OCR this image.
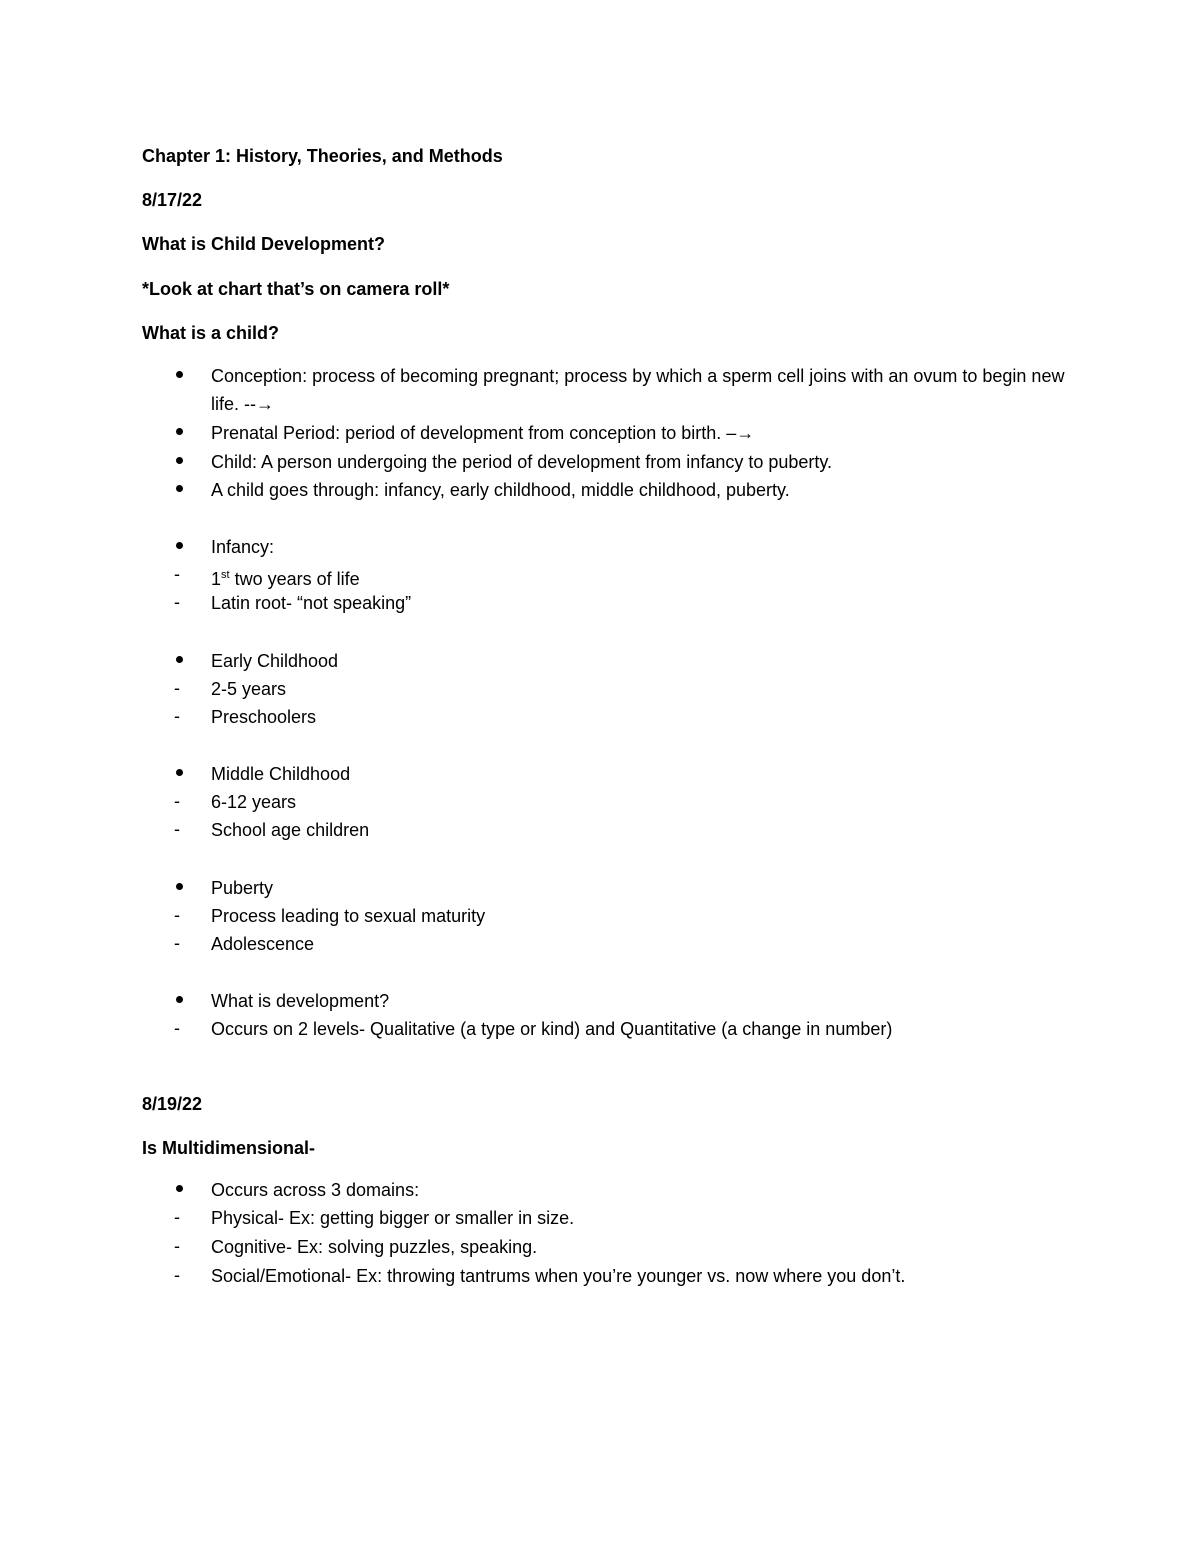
Chapter 1: History, Theories, and Methods
8/17/22
What is Child Development?
*Look at chart that’s on camera roll*
What is a child?
Conception: process of becoming pregnant; process by which a sperm cell joins with an ovum to begin new life. --→
Prenatal Period: period of development from conception to birth. –→
Child: A person undergoing the period of development from infancy to puberty.
A child goes through: infancy, early childhood, middle childhood, puberty.
Infancy:
- 1st two years of life
- Latin root- “not speaking”
Early Childhood
- 2-5 years
- Preschoolers
Middle Childhood
- 6-12 years
- School age children
Puberty
- Process leading to sexual maturity
- Adolescence
What is development?
- Occurs on 2 levels- Qualitative (a type or kind) and Quantitative (a change in number)
8/19/22
Is Multidimensional-
Occurs across 3 domains:
- Physical- Ex: getting bigger or smaller in size.
- Cognitive- Ex: solving puzzles, speaking.
- Social/Emotional- Ex: throwing tantrums when you’re younger vs. now where you don’t.
